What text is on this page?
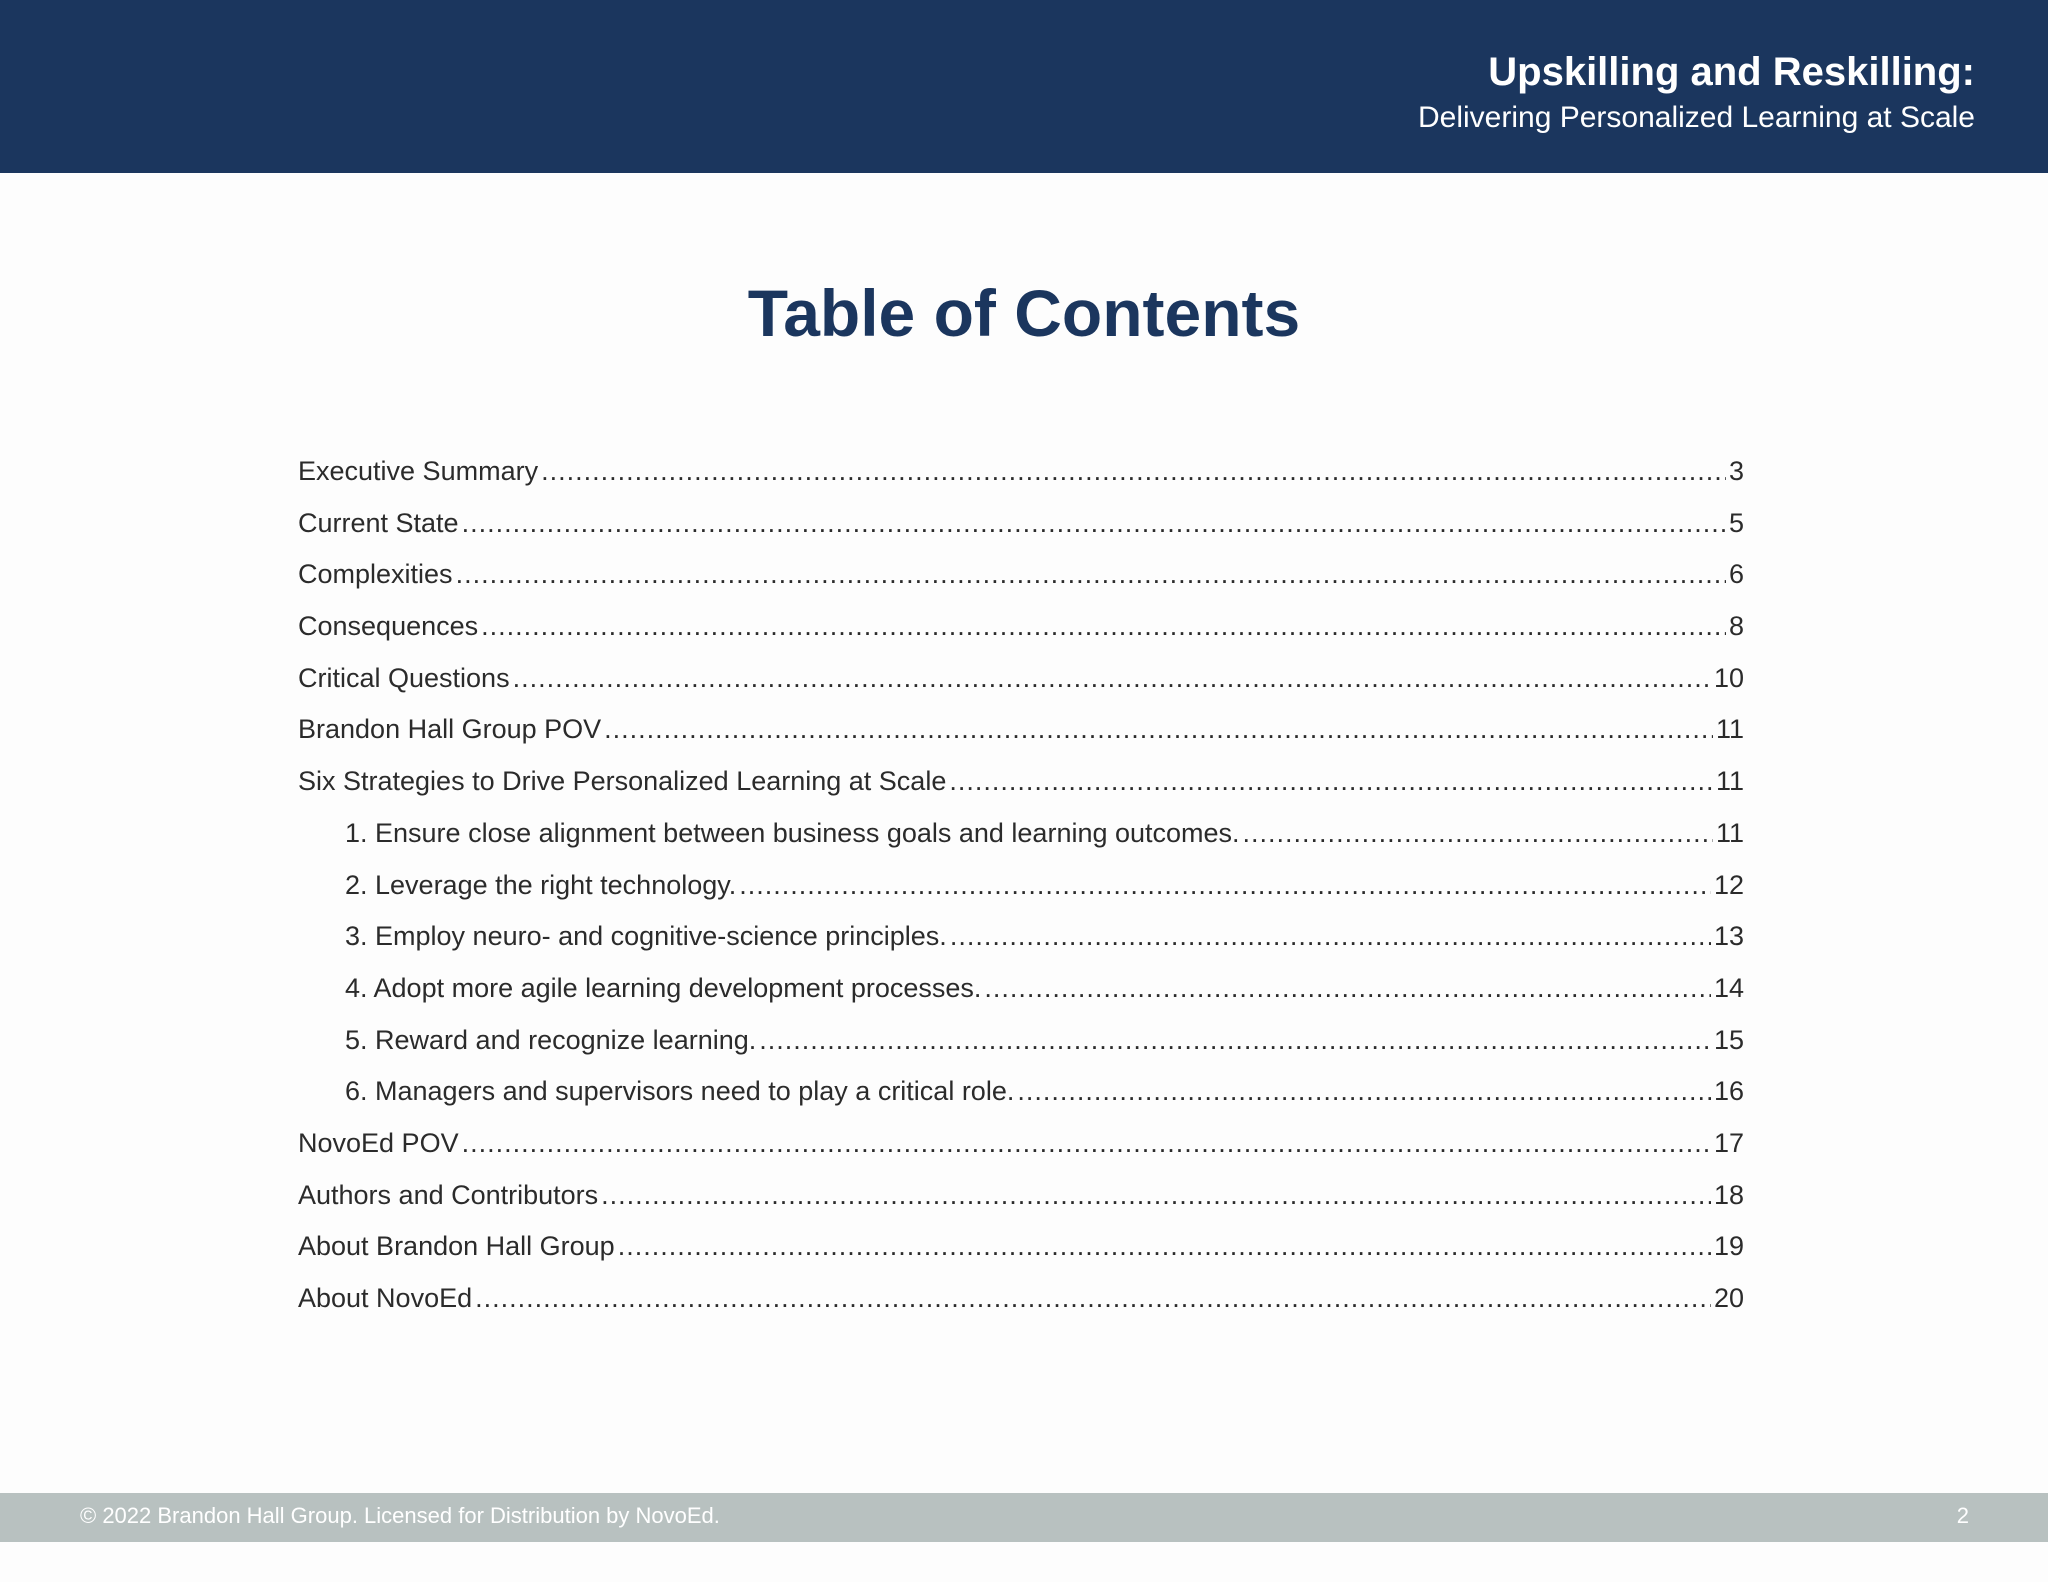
Upskilling and Reskilling:
Delivering Personalized Learning at Scale
Table of Contents
Executive Summary .....	3
Current State .....	5
Complexities .....	6
Consequences .....	8
Critical Questions .....	10
Brandon Hall Group POV .....	11
Six Strategies to Drive Personalized Learning at Scale .....	11
1. Ensure close alignment between business goals and learning outcomes. .....	11
2. Leverage the right technology. .....	12
3. Employ neuro- and cognitive-science principles. .....	13
4. Adopt more agile learning development processes. .....	14
5. Reward and recognize learning. .....	15
6. Managers and supervisors need to play a critical role. .....	16
NovoEd POV .....	17
Authors and Contributors .....	18
About Brandon Hall Group .....	19
About NovoEd .....	20
© 2022 Brandon Hall Group. Licensed for Distribution by NovoEd.	2
